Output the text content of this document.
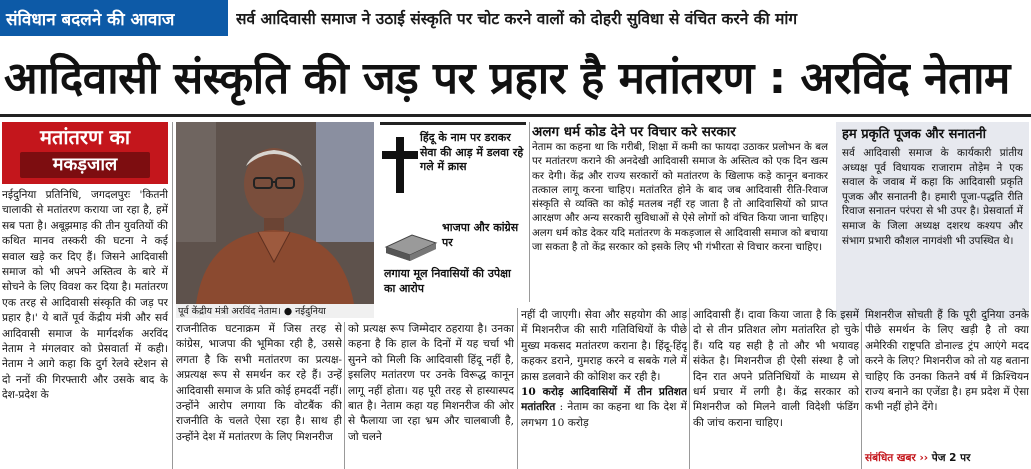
संविधान बदलने की आवाज	सर्व आदिवासी समाज ने उठाई संस्कृति पर चोट करने वालों को दोहरी सुविधा से वंचित करने की मांग
आदिवासी संस्कृति की जड़ पर प्रहार है मतांतरण : अरविंद नेताम
मतांतरण का
मकड़जाल
नईदुनिया प्रतिनिधि, जगदलपुरः 'कितनी चालाकी से मतांतरण कराया जा रहा है, हमें सब पता है। अबूझमाड़ की तीन युवतियों की कथित मानव तस्करी की घटना ने कई सवाल खड़े कर दिए हैं। जिसने आदिवासी समाज को भी अपने अस्तित्व के बारे में सोचने के लिए विवश कर दिया है। मतांतरण एक तरह से आदिवासी संस्कृति की जड़ पर प्रहार है।' ये बातें पूर्व केंद्रीय मंत्री और सर्व आदिवासी समाज के मार्गदर्शक अरविंद नेताम ने मंगलवार को प्रेसवार्ता में कही। नेताम ने आगे कहा कि दुर्ग रेलवे स्टेशन से दो ननों की गिरफ्तारी और उसके बाद के देश-प्रदेश के
पूर्व केंद्रीय मंत्री अरविंद नेताम। ● नईदुनिया
हिंदू के नाम पर डराकर सेवा की आड़ में डलवा रहे गले में क्रास
भाजपा और कांग्रेस पर
लगाया मूल निवासियों की उपेक्षा का आरोप
अलग धर्म कोड देने पर विचार करे सरकार
नेताम का कहना था कि गरीबी, शिक्षा में कमी का फायदा उठाकर प्रलोभन के बल पर मतांतरण कराने की अनदेखी आदिवासी समाज के अस्तित्व को एक दिन खत्म कर देगी। केंद्र और राज्य सरकारों को मतांतरण के खिलाफ कड़े कानून बनाकर तत्काल लागू करना चाहिए। मतांतरित होने के बाद जब आदिवासी रीति-रिवाज संस्कृति से व्यक्ति का कोई मतलब नहीं रह जाता है तो आदिवासियों को प्राप्त आरक्षण और अन्य सरकारी सुविधाओं से ऐसे लोगों को वंचित किया जाना चाहिए। अलग धर्म कोड देकर यदि मतांतरण के मकड़जाल से आदिवासी समाज को बचाया जा सकता है तो केंद्र सरकार को इसके लिए भी गंभीरता से विचार करना चाहिए।
हम प्रकृति पूजक और सनातनी
सर्व आदिवासी समाज के कार्यकारी प्रांतीय अध्यक्ष पूर्व विधायक राजाराम तोड़ेम ने एक सवाल के जवाब में कहा कि आदिवासी प्रकृति पूजक और सनातनी है। हमारी पूजा-पद्धति रीति रिवाज सनातन परंपरा से भी उपर है। प्रेसवार्ता में समाज के जिला अध्यक्ष दशरथ कश्यप और संभाग प्रभारी कौशल नागवंशी भी उपस्थित थे।
राजनीतिक घटनाक्रम में जिस तरह से कांग्रेस, भाजपा की भूमिका रही है, उससे लगता है कि सभी मतांतरण का प्रत्यक्ष-अप्रत्यक्ष रूप से समर्थन कर रहे हैं। उन्हें आदिवासी समाज के प्रति कोई हमदर्दी नहीं। उन्होंने आरोप लगाया कि वोटबैंक की राजनीति के चलते ऐसा रहा है। साथ ही उन्होंने देश में मतांतरण के लिए मिशनरीज
को प्रत्यक्ष रूप जिम्मेदार ठहराया है। उनका कहना है कि हाल के दिनों में यह चर्चा भी सुनने को मिली कि आदिवासी हिंदू नहीं है, इसलिए मतांतरण पर उनके विरूद्ध कानून लागू नहीं होता। यह पूरी तरह से हास्यास्पद बात है। नेताम कहा यह मिशनरीज की ओर से फैलाया जा रहा भ्रम और चालबाजी है, जो चलने
नहीं दी जाएगी। सेवा और सहयोग की आड़ में मिशनरीज की सारी गतिविधियों के पीछे मुख्य मकसद मतांतरण कराना है। हिंदू-हिंदू कहकर डराने, गुमराह करने व सबके गले में क्रास डलवाने की कोशिश कर रही है।
10 करोड़ आदिवासियों में तीन प्रतिशत मतांतरित : नेताम का कहना था कि देश में लगभग 10 करोड़
आदिवासी हैं। दावा किया जाता है कि इसमें दो से तीन प्रतिशत लोग मतांतरित हो चुके हैं। यदि यह सही है तो और भी भयावह संकेत है। मिशनरीज ही ऐसी संस्था है जो दिन रात अपने प्रतिनिधियों के माध्यम से धर्म प्रचार में लगी है। केंद्र सरकार को मिशनरीज को मिलने वाली विदेशी फंडिंग की जांच कराना चाहिए।
मिशनरीज सोचती हैं कि पूरी दुनिया उनके पीछे समर्थन के लिए खड़ी है तो क्या अमेरिकी राष्ट्रपति डोनाल्ड ट्रंप आएंगे मदद करने के लिए? मिशनरीज को तो यह बताना चाहिए कि उनका कितने वर्ष में क्रिश्चियन राज्य बनाने का एजेंडा है। हम प्रदेश में ऐसा कभी नहीं होने देंगे।
संबंधित खबर ›› पेज 2 पर
